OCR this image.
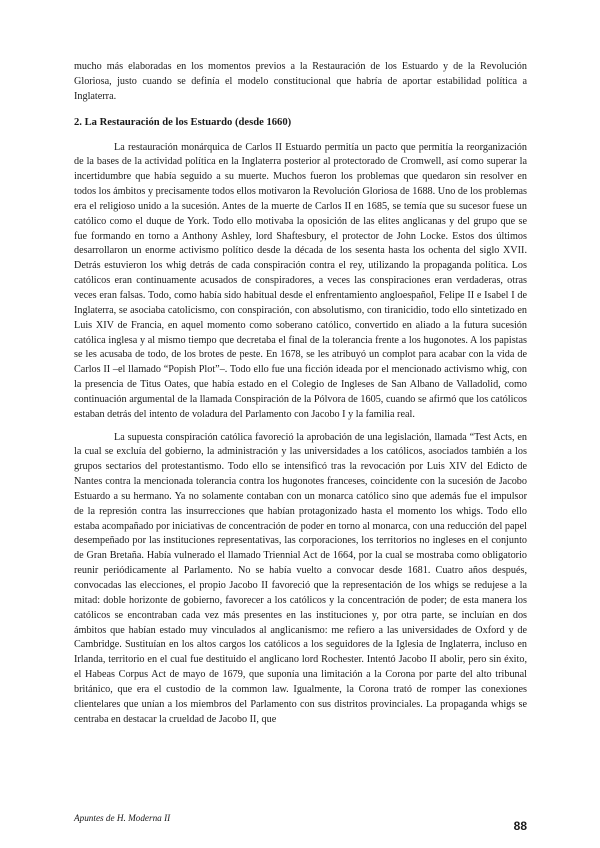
mucho más elaboradas en los momentos previos a la Restauración de los Estuardo y de la Revolución Gloriosa, justo cuando se definía el modelo constitucional que habría de aportar estabilidad política a Inglaterra.

2. La Restauración de los Estuardo (desde 1660)

La restauración monárquica de Carlos II Estuardo permitía un pacto que permitía la reorganización de la bases de la actividad política en la Inglaterra posterior al protectorado de Cromwell, así como superar la incertidumbre que había seguido a su muerte. Muchos fueron los problemas que quedaron sin resolver en todos los ámbitos y precisamente todos ellos motivaron la Revolución Gloriosa de 1688. Uno de los problemas era el religioso unido a la sucesión. Antes de la muerte de Carlos II en 1685, se temía que su sucesor fuese un católico como el duque de York. Todo ello motivaba la oposición de las elites anglicanas y del grupo que se fue formando en torno a Anthony Ashley, lord Shaftesbury, el protector de John Locke. Estos dos últimos desarrollaron un enorme activismo político desde la década de los sesenta hasta los ochenta del siglo XVII. Detrás estuvieron los whig detrás de cada conspiración contra el rey, utilizando la propaganda política. Los católicos eran continuamente acusados de conspiradores, a veces las conspiraciones eran verdaderas, otras veces eran falsas. Todo, como había sido habitual desde el enfrentamiento angloespañol, Felipe II e Isabel I de Inglaterra, se asociaba catolicismo, con conspiración, con absolutismo, con tiranicidio, todo ello sintetizado en Luis XIV de Francia, en aquel momento como soberano católico, convertido en aliado a la futura sucesión católica inglesa y al mismo tiempo que decretaba el final de la tolerancia frente a los hugonotes. A los papistas se les acusaba de todo, de los brotes de peste. En 1678, se les atribuyó un complot para acabar con la vida de Carlos II –el llamado “Popish Plot”–. Todo ello fue una ficción ideada por el mencionado activismo whig, con la presencia de Titus Oates, que había estado en el Colegio de Ingleses de San Albano de Valladolid, como continuación argumental de la llamada Conspiración de la Pólvora de 1605, cuando se afirmó que los católicos estaban detrás del intento de voladura del Parlamento con Jacobo I y la familia real.

La supuesta conspiración católica favoreció la aprobación de una legislación, llamada “Test Acts, en la cual se excluía del gobierno, la administración y las universidades a los católicos, asociados también a los grupos sectarios del protestantismo. Todo ello se intensificó tras la revocación por Luis XIV del Edicto de Nantes contra la mencionada tolerancia contra los hugonotes franceses, coincidente con la sucesión de Jacobo Estuardo a su hermano. Ya no solamente contaban con un monarca católico sino que además fue el impulsor de la represión contra las insurrecciones que habían protagonizado hasta el momento los whigs. Todo ello estaba acompañado por iniciativas de concentración de poder en torno al monarca, con una reducción del papel desempeñado por las instituciones representativas, las corporaciones, los territorios no ingleses en el conjunto de Gran Bretaña. Había vulnerado el llamado Triennial Act de 1664, por la cual se mostraba como obligatorio reunir periódicamente al Parlamento. No se había vuelto a convocar desde 1681. Cuatro años después, convocadas las elecciones, el propio Jacobo II favoreció que la representación de los whigs se redujese a la mitad: doble horizonte de gobierno, favorecer a los católicos y la concentración de poder; de esta manera los católicos se encontraban cada vez más presentes en las instituciones y, por otra parte, se incluían en dos ámbitos que habían estado muy vinculados al anglicanismo: me refiero a las universidades de Oxford y de Cambridge. Sustituían en los altos cargos los católicos a los seguidores de la Iglesia de Inglaterra, incluso en Irlanda, territorio en el cual fue destituido el anglicano lord Rochester. Intentó Jacobo II abolir, pero sin éxito, el Habeas Corpus Act de mayo de 1679, que suponía una limitación a la Corona por parte del alto tribunal británico, que era el custodio de la common law. Igualmente, la Corona trató de romper las conexiones clientelares que unían a los miembros del Parlamento con sus distritos provinciales. La propaganda whigs se centraba en destacar la crueldad de Jacobo II, que

Apuntes de H. Moderna II
88
